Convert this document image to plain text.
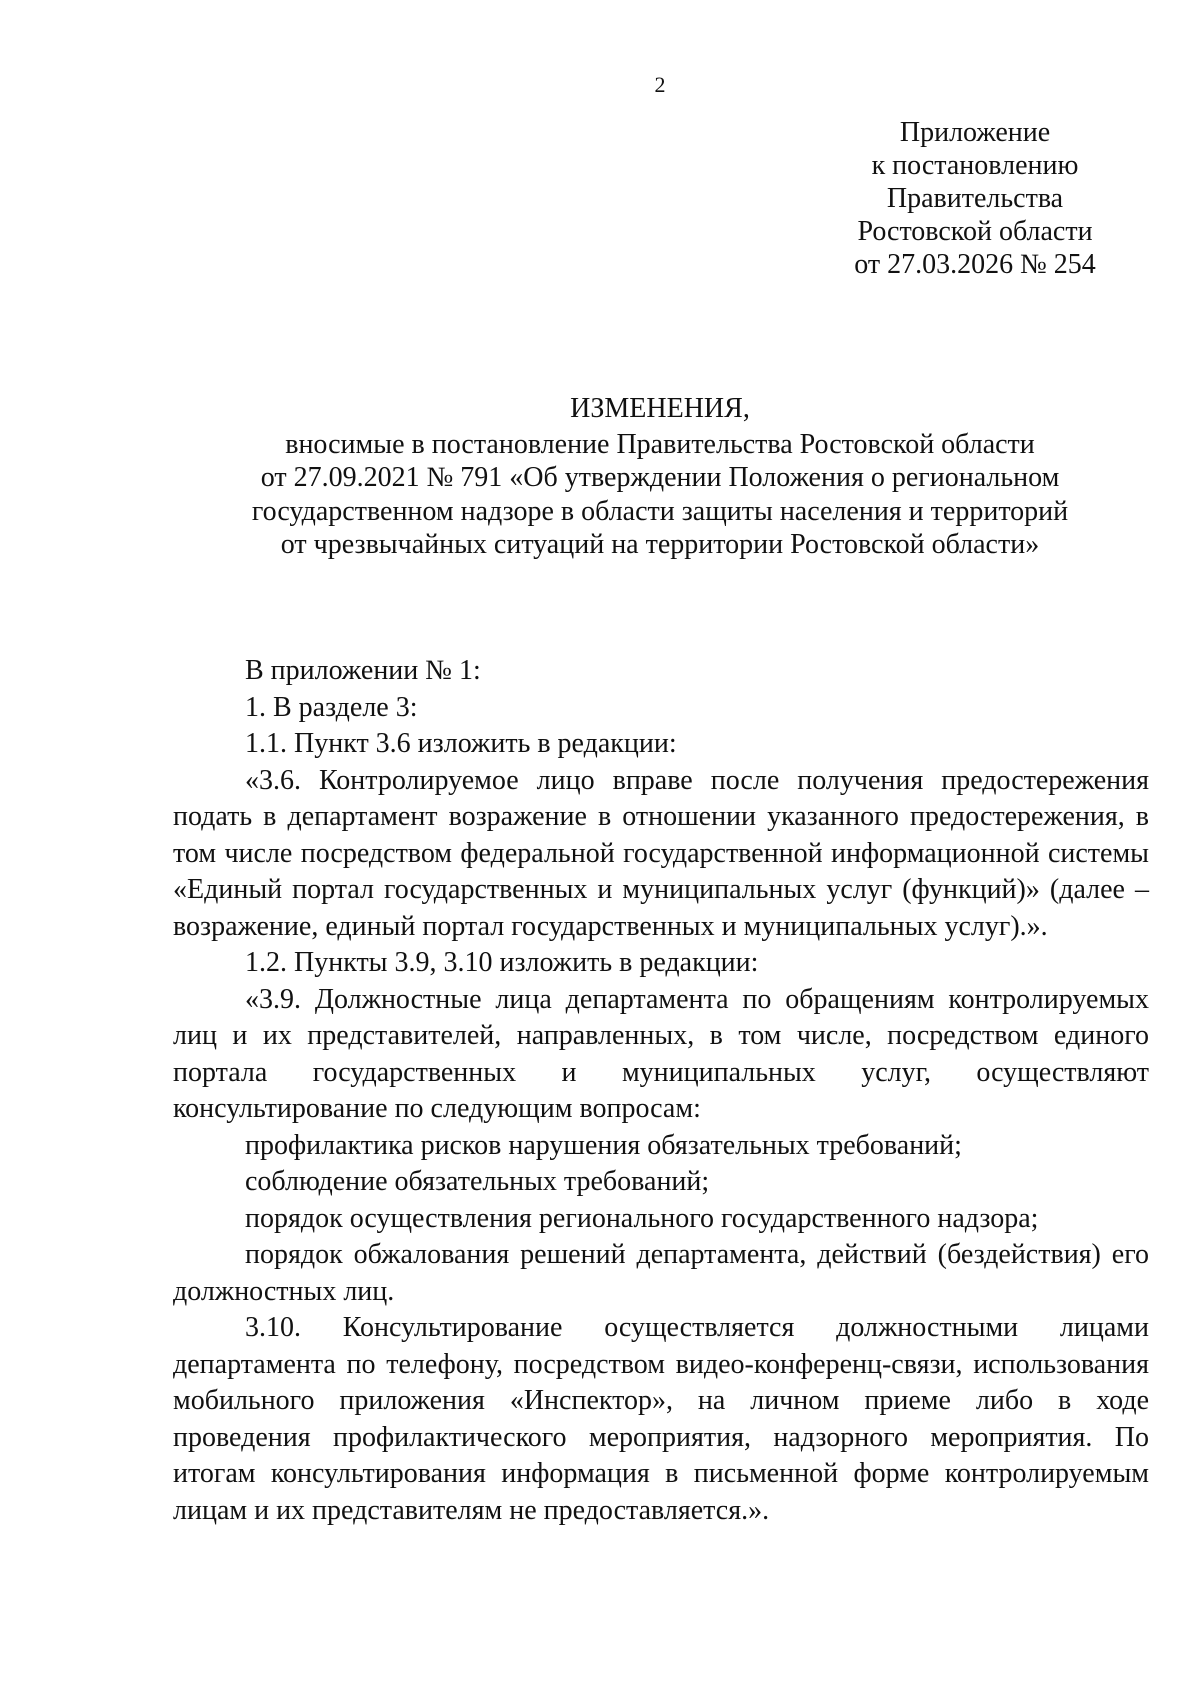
2
Приложение
к постановлению
Правительства
Ростовской области
от 27.03.2026 № 254
ИЗМЕНЕНИЯ,
вносимые в постановление Правительства Ростовской области
от 27.09.2021 № 791 «Об утверждении Положения о региональном
государственном надзоре в области защиты населения и территорий
от чрезвычайных ситуаций на территории Ростовской области»

В приложении № 1:

1. В разделе 3:

1.1. Пункт 3.6 изложить в редакции:

«3.6. Контролируемое лицо вправе после получения предостережения подать в департамент возражение в отношении указанного предостережения, в том числе посредством федеральной государственной информационной системы «Единый портал государственных и муниципальных услуг (функций)» (далее – возражение, единый портал государственных и муниципальных услуг).».

1.2. Пункты 3.9, 3.10 изложить в редакции:

«3.9. Должностные лица департамента по обращениям контролируемых лиц и их представителей, направленных, в том числе, посредством единого портала государственных и муниципальных услуг, осуществляют консультирование по следующим вопросам:

профилактика рисков нарушения обязательных требований;

соблюдение обязательных требований;

порядок осуществления регионального государственного надзора;

порядок обжалования решений департамента, действий (бездействия) его должностных лиц.

3.10. Консультирование осуществляется должностными лицами департамента по телефону, посредством видео-конференц-связи, использования мобильного приложения «Инспектор», на личном приеме либо в ходе проведения профилактического мероприятия, надзорного мероприятия. По итогам консультирования информация в письменной форме контролируемым лицам и их представителям не предоставляется.».
